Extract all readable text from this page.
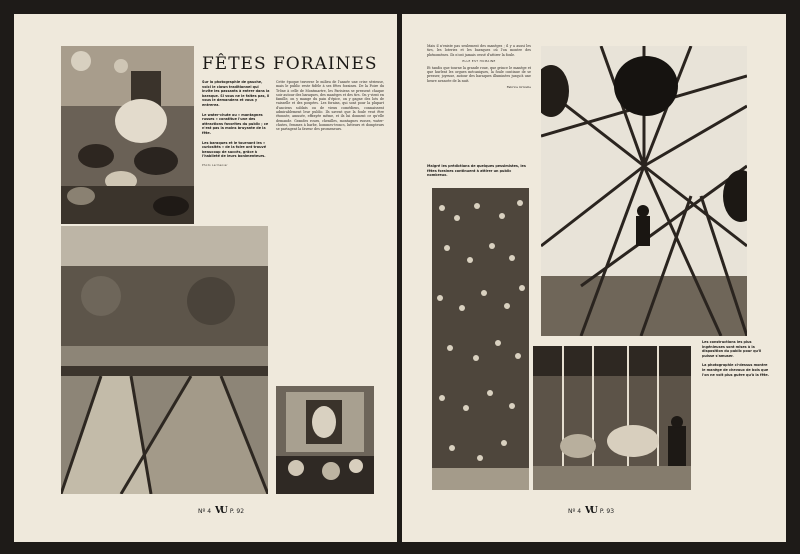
FÊTES FORAINES

Sur la photographie de gauche, voici le clown traditionnel qui invite les passants à entrer dans la baraque. Si vous ne le faites pas, il vous le demandera et vous y entrerez.

Le water-chute ou « montagnes russes » constitue l'une des attractions favorites du public ; ce n'est pas la moins bruyante de la fête.

Les baraques et le tournant les « curiosités » de la foire ont trouvé beaucoup de succès, grâce à l'habileté de leurs bonimenteurs.

Photo Lermenier

Cette époque traverse le milieu de l'année une crise sérieuse, mais le public reste fidèle à ses fêtes foraines. De la Foire du Trône à celle de Montmartre, les Parisiens se pressent chaque soir autour des baraques, des manèges et des tirs. On y vient en famille, on y mange du pain d'épice, on y gagne des lots de vaisselle et des poupées. Les forains, qui sont pour la plupart d'anciens soldats ou de vieux comédiens, connaissent admirablement leur public. Ils savent que la foule veut être étonnée, amusée, effrayée même, et ils lui donnent ce qu'elle demande. Grandes roues, chenilles, montagnes russes, water-chutes, femmes à barbe, hommes-troncs, lutteurs et dompteurs se partagent la faveur des promeneurs.

Nº 4 VU P. 92

Mais il n'existe pas seulement des manèges ; il y a aussi les tirs, les loteries et les baraques où l'on montre des phénomènes. Ils n'ont jamais cessé d'attirer la foule.

ELLE EST HUMAINE

Et tandis que tourne la grande roue, que grince le manège et que hurlent les orgues mécaniques, la foule continue de se presser, joyeuse, autour des baraques illuminées jusqu'à une heure avancée de la nuit.

Fabrice Grivelle

Malgré les prédictions de quelques pessimistes, les fêtes foraines continuent à attirer un public nombreux.

Les constructions les plus ingénieuses sont mises à la disposition du public pour qu'il puisse s'amuser.

La photographie ci-dessus montre le manège de chevaux de bois que l'on ne voit plus guère qu'à la fête.

Nº 4 VU P. 93
